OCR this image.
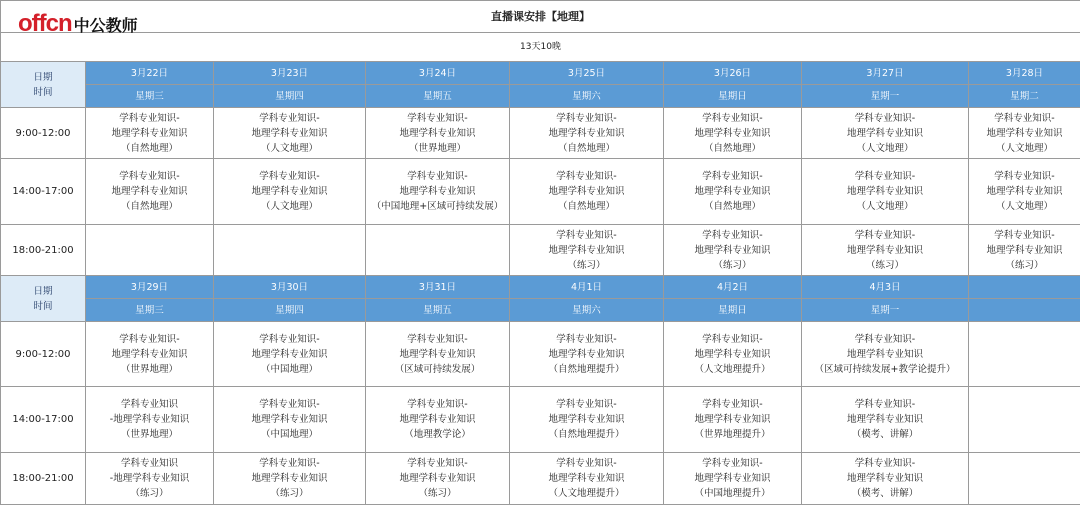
offcn 中公教师	直播课安排【地理】							
13天10晚							

日期
时间	3月22日	3月23日	3月24日	3月25日	3月26日	3月27日	3月28日
	星期三	星期四	星期五	星期六	星期日	星期一	星期二
9:00-12:00	学科专业知识-
地理学科专业知识
（自然地理）	学科专业知识-
地理学科专业知识
（人文地理）	学科专业知识-
地理学科专业知识
（世界地理）	学科专业知识-
地理学科专业知识
（自然地理）	学科专业知识-
地理学科专业知识
（自然地理）	学科专业知识-
地理学科专业知识
（人文地理）	学科专业知识-
地理学科专业知识
（人文地理）

14:00-17:00	学科专业知识-
地理学科专业知识
（自然地理）	学科专业知识-
地理学科专业知识
（人文地理）	学科专业知识-
地理学科专业知识
（中国地理+区域可持续发展）	学科专业知识-
地理学科专业知识
（自然地理）	学科专业知识-
地理学科专业知识
（自然地理）	学科专业知识-
地理学科专业知识
（人文地理）	学科专业知识-
地理学科专业知识
（人文地理）

18:00-21:00				学科专业知识-
地理学科专业知识
（练习）	学科专业知识-
地理学科专业知识
（练习）	学科专业知识-
地理学科专业知识
（练习）	学科专业知识-
地理学科专业知识
（练习）

日期
时间	3月29日	3月30日	3月31日	4月1日	4月2日	4月3日	
	星期三	星期四	星期五	星期六	星期日	星期一	
9:00-12:00	学科专业知识-
地理学科专业知识
（世界地理）	学科专业知识-
地理学科专业知识
（中国地理）	学科专业知识-
地理学科专业知识
（区域可持续发展）	学科专业知识-
地理学科专业知识
（自然地理提升）	学科专业知识-
地理学科专业知识
（人文地理提升）	学科专业知识-
地理学科专业知识
（区域可持续发展+教学论提升）	

14:00-17:00	学科专业知识
-地理学科专业知识
（世界地理）	学科专业知识-
地理学科专业知识
（中国地理）	学科专业知识-
地理学科专业知识
（地理教学论）	学科专业知识-
地理学科专业知识
（自然地理提升）	学科专业知识-
地理学科专业知识
（世界地理提升）	学科专业知识-
地理学科专业知识
（模考、讲解）	

18:00-21:00	学科专业知识
-地理学科专业知识
（练习）	学科专业知识-
地理学科专业知识
（练习）	学科专业知识-
地理学科专业知识
（练习）	学科专业知识-
地理学科专业知识
（人文地理提升）	学科专业知识-
地理学科专业知识
（中国地理提升）	学科专业知识-
地理学科专业知识
（模考、讲解）	
